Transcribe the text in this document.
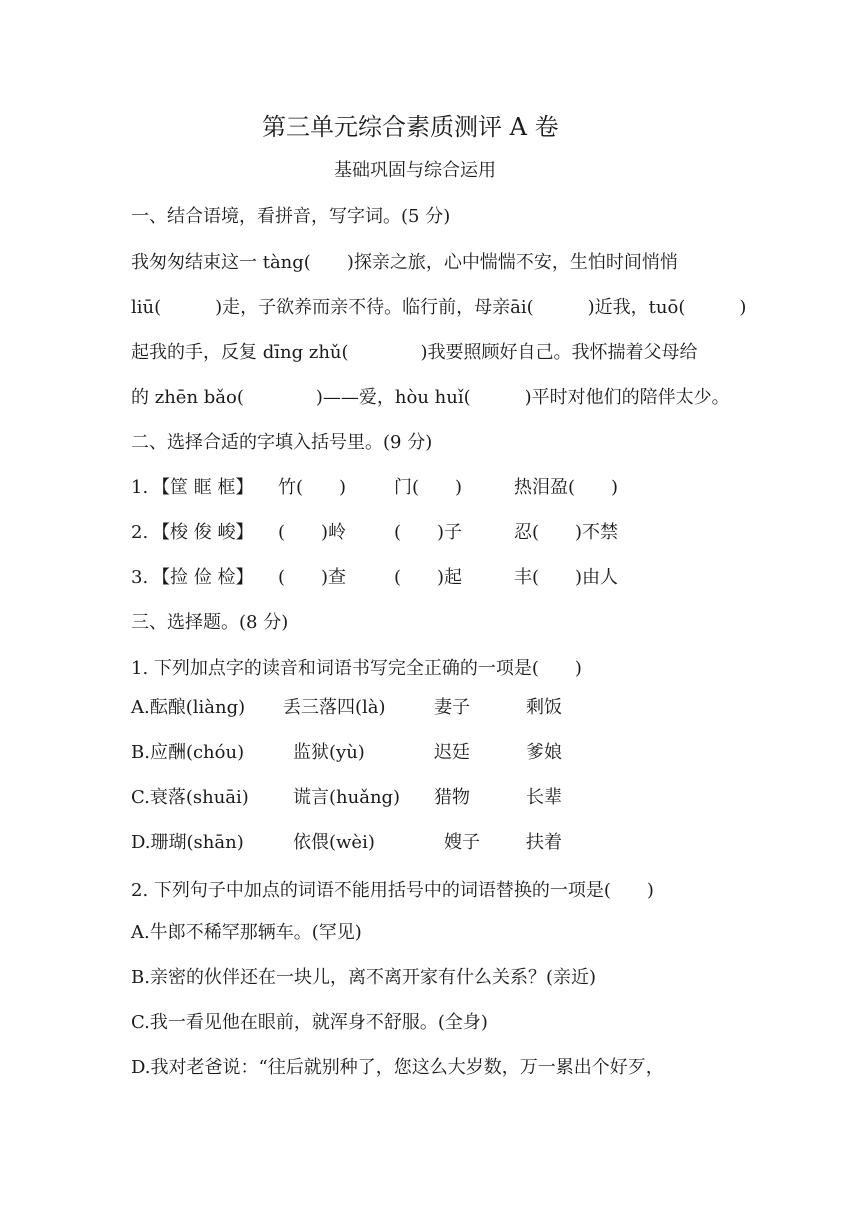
第三单元综合素质测评 A 卷
基础巩固与综合运用
一、结合语境，看拼音，写字词。(5 分)
我匆匆结束这一 tàng(　　)探亲之旅，心中惴惴不安，生怕时间悄悄
liū(　　　)走，子欲养而亲不待。临行前，母亲āi(　　　)近我，tuō(　　　)
起我的手，反复 dīng zhǔ(　　　　)我要照顾好自己。我怀揣着父母给
的 zhēn bǎo(　　　　)——爱，hòu huǐ(　　　)平时对他们的陪伴太少。
二、选择合适的字填入括号里。(9 分)
1. 【筐 眶 框】 竹(　　)	门(　　)	热泪盈(　　)
2. 【梭 俊 峻】 (　　)岭	(　　)子	忍(　　)不禁
3. 【捡 俭 检】 (　　)查	(　　)起	丰(　　)由人
三、选择题。(8 分)
1. 下列加点字的读音和词语书写完全正确的一项是(　　)
A.酝酿(liàng) 丢三落四(là)	妻子	剩饭
B.应酬(chóu)	监狱(yù)	迟廷	爹娘
C.衰落(shuāi) 谎言(huǎng) 猎物	长辈
D.珊瑚(shān)	依偎(wèi)	嫂子	扶着
2. 下列句子中加点的词语不能用括号中的词语替换的一项是(　　)
A.牛郎不稀罕那辆车。(罕见)
B.亲密的伙伴还在一块儿，离不离开家有什么关系？(亲近)
C.我一看见他在眼前，就浑身不舒服。(全身)
D.我对老爸说：“往后就别种了，您这么大岁数，万一累出个好歹，
